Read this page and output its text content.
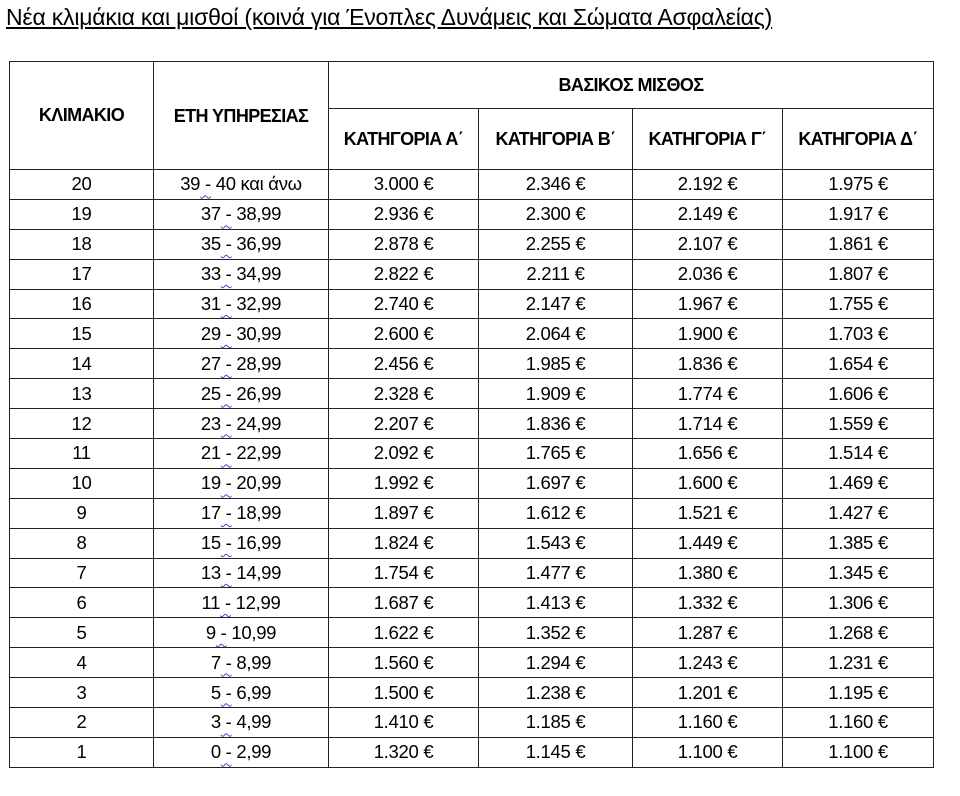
Νέα κλιμάκια και μισθοί (κοινά για Ένοπλες Δυνάμεις και Σώματα Ασφαλείας)
ΚΛΙΜΑΚΙΟ	ΕΤΗ ΥΠΗΡΕΣΙΑΣ	ΒΑΣΙΚΟΣ ΜΙΣΘΟΣ			
		ΚΑΤΗΓΟΡΙΑ Α΄	ΚΑΤΗΓΟΡΙΑ Β΄	ΚΑΤΗΓΟΡΙΑ Γ΄	ΚΑΤΗΓΟΡΙΑ Δ΄
20	39 - 40 και άνω	3.000 €	2.346 €	2.192 €	1.975 €
19	37 - 38,99	2.936 €	2.300 €	2.149 €	1.917 €
18	35 - 36,99	2.878 €	2.255 €	2.107 €	1.861 €
17	33 - 34,99	2.822 €	2.211 €	2.036 €	1.807 €
16	31 - 32,99	2.740 €	2.147 €	1.967 €	1.755 €
15	29 - 30,99	2.600 €	2.064 €	1.900 €	1.703 €
14	27 - 28,99	2.456 €	1.985 €	1.836 €	1.654 €
13	25 - 26,99	2.328 €	1.909 €	1.774 €	1.606 €
12	23 - 24,99	2.207 €	1.836 €	1.714 €	1.559 €
11	21 - 22,99	2.092 €	1.765 €	1.656 €	1.514 €
10	19 - 20,99	1.992 €	1.697 €	1.600 €	1.469 €
9	17 - 18,99	1.897 €	1.612 €	1.521 €	1.427 €
8	15 - 16,99	1.824 €	1.543 €	1.449 €	1.385 €
7	13 - 14,99	1.754 €	1.477 €	1.380 €	1.345 €
6	11 - 12,99	1.687 €	1.413 €	1.332 €	1.306 €
5	9 - 10,99	1.622 €	1.352 €	1.287 €	1.268 €
4	7 - 8,99	1.560 €	1.294 €	1.243 €	1.231 €
3	5 - 6,99	1.500 €	1.238 €	1.201 €	1.195 €
2	3 - 4,99	1.410 €	1.185 €	1.160 €	1.160 €
1	0 - 2,99	1.320 €	1.145 €	1.100 €	1.100 €
